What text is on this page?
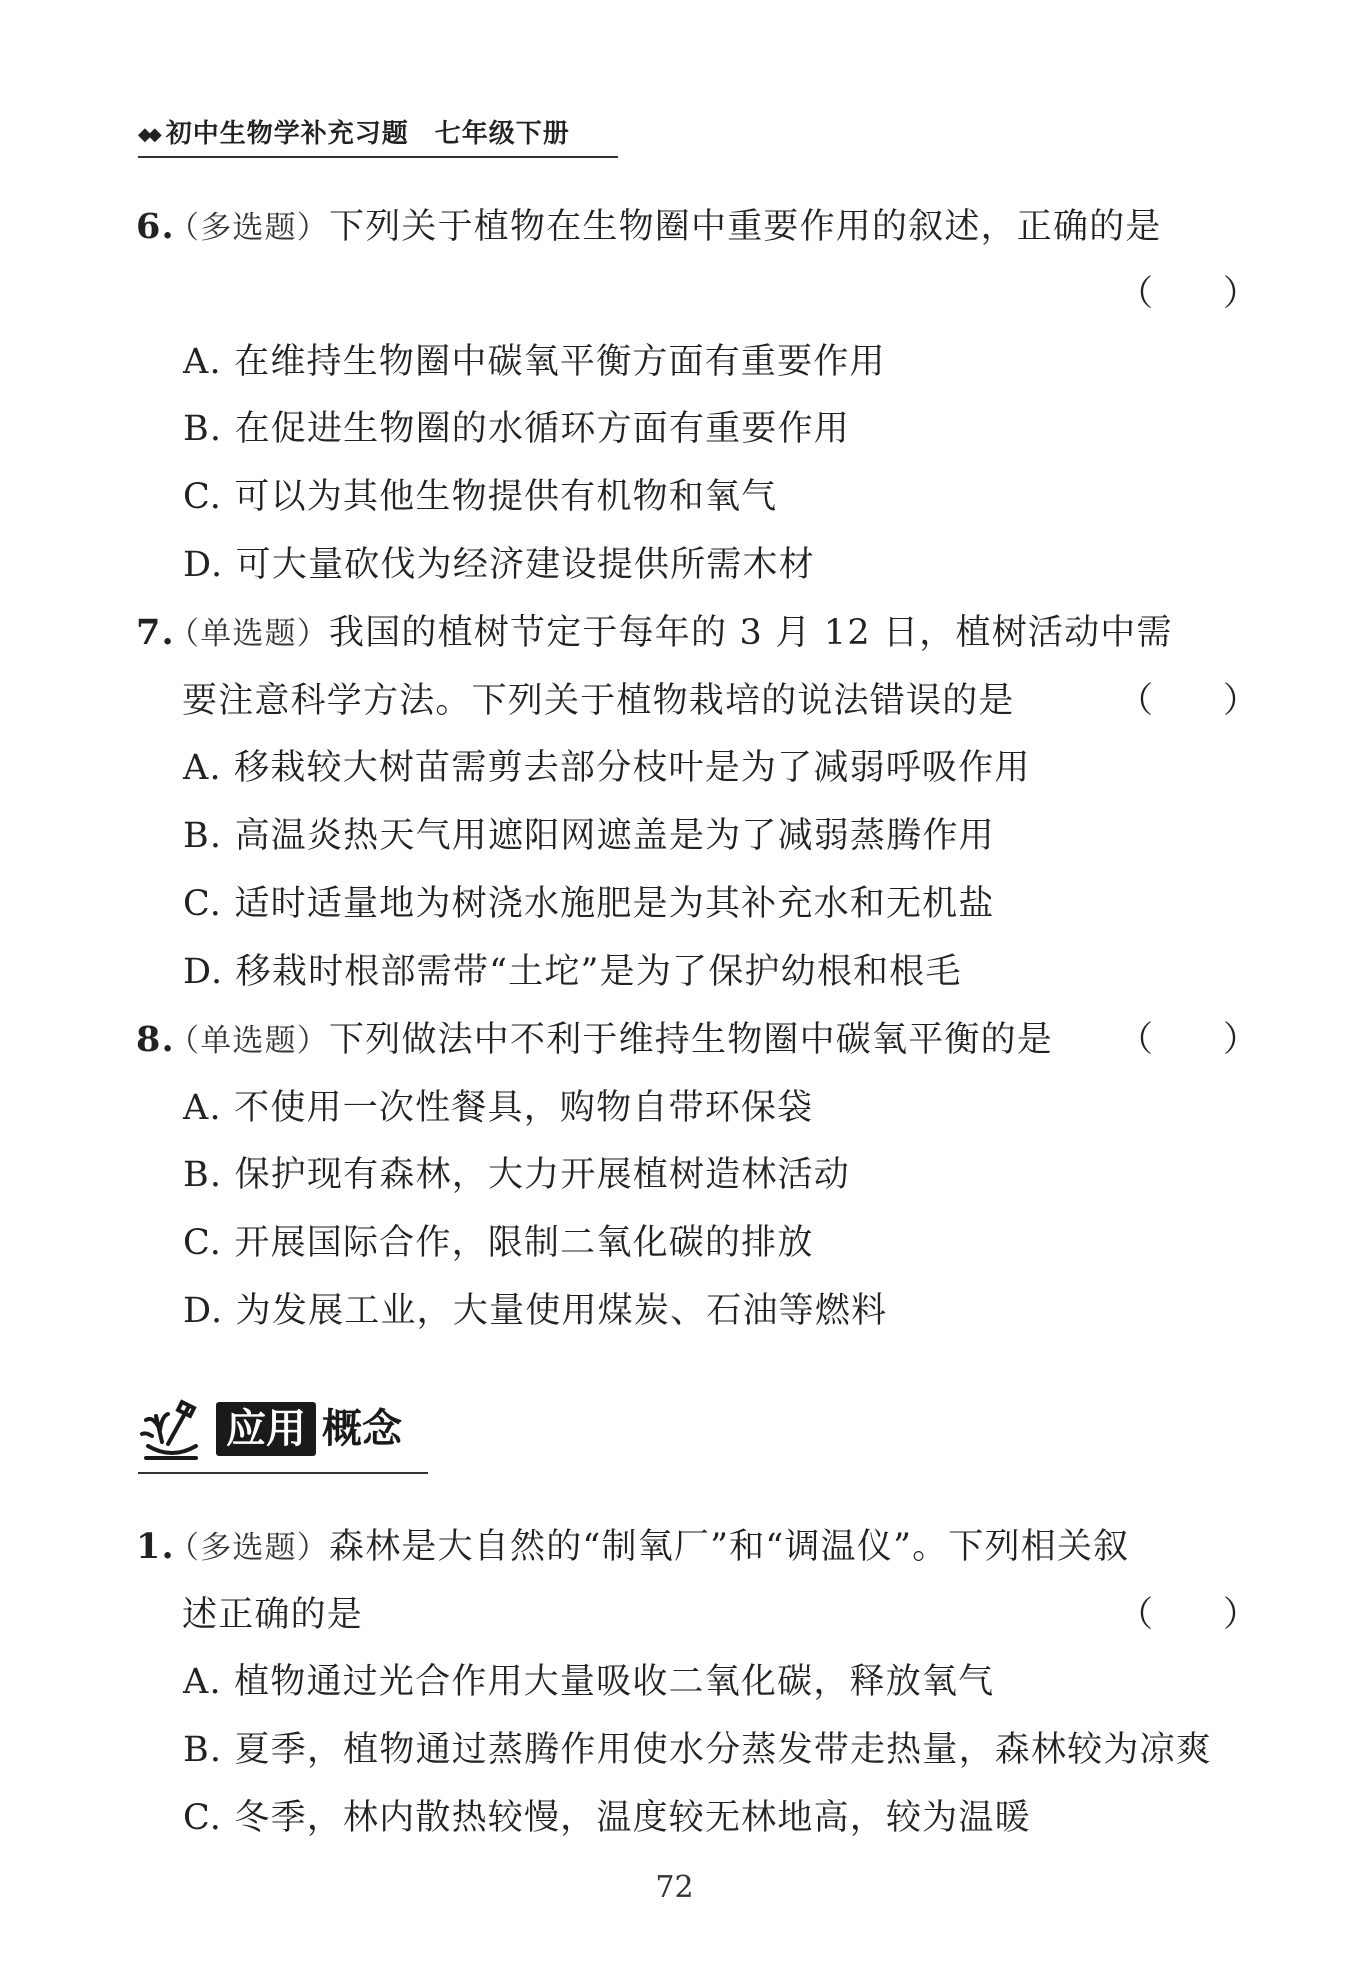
◆◆ 初中生物学补充习题 七年级下册
6.
（多选题）下列关于植物在生物圈中重要作用的叙述，正确的是
（　　）
A. 在维持生物圈中碳氧平衡方面有重要作用
B. 在促进生物圈的水循环方面有重要作用
C. 可以为其他生物提供有机物和氧气
D. 可大量砍伐为经济建设提供所需木材
7.
（单选题）我国的植树节定于每年的 3 月 12 日，植树活动中需
要注意科学方法。下列关于植物栽培的说法错误的是	（　　）
A. 移栽较大树苗需剪去部分枝叶是为了减弱呼吸作用
B. 高温炎热天气用遮阳网遮盖是为了减弱蒸腾作用
C. 适时适量地为树浇水施肥是为其补充水和无机盐
D. 移栽时根部需带“土坨”是为了保护幼根和根毛
8.
（单选题）下列做法中不利于维持生物圈中碳氧平衡的是 （　　）
A. 不使用一次性餐具，购物自带环保袋
B. 保护现有森林，大力开展植树造林活动
C. 开展国际合作，限制二氧化碳的排放
D. 为发展工业，大量使用煤炭、石油等燃料
应用 概念
1.
（多选题）森林是大自然的“制氧厂”和“调温仪”。下列相关叙
述正确的是	（　　）
A. 植物通过光合作用大量吸收二氧化碳，释放氧气
B. 夏季，植物通过蒸腾作用使水分蒸发带走热量，森林较为凉爽
C. 冬季，林内散热较慢，温度较无林地高，较为温暖
72
